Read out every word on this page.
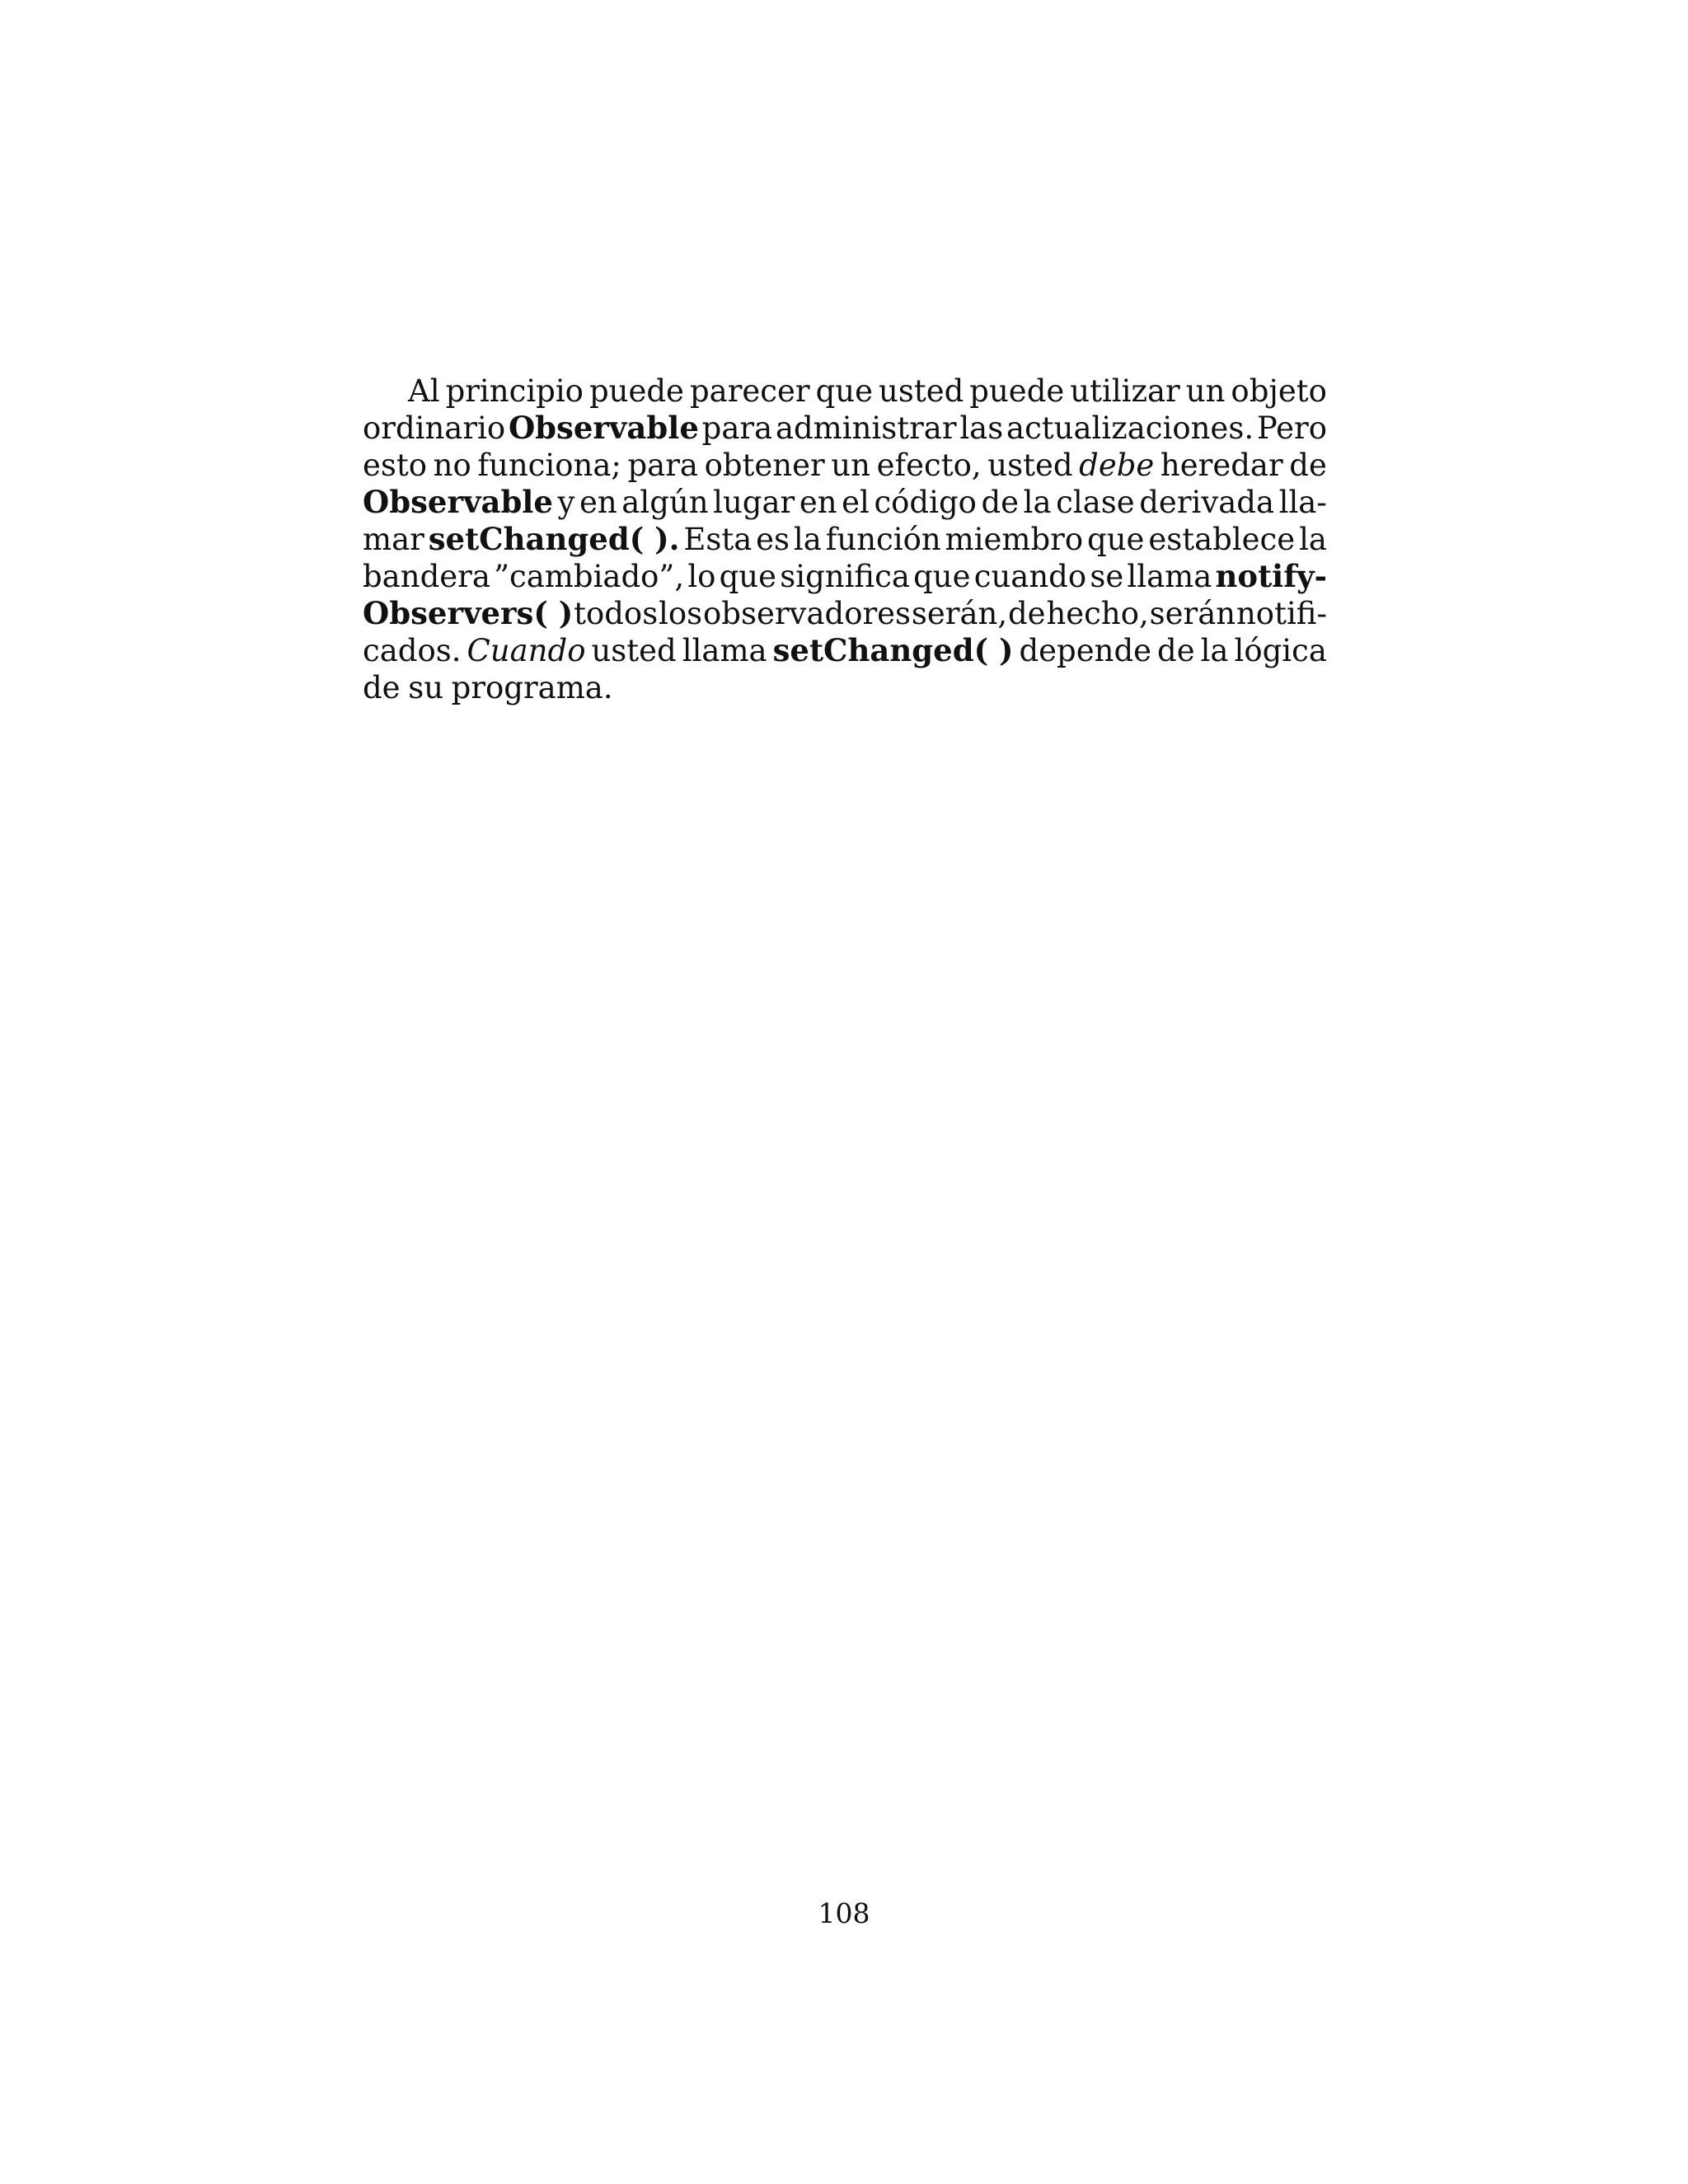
Al principio puede parecer que usted puede utilizar un objeto
ordinario Observable para administrar las actualizaciones. Pero
esto no funciona; para obtener un efecto, usted debe heredar de
Observable y en algún lugar en el código de la clase derivada lla-
mar setChanged( ). Esta es la función miembro que establece la
bandera ”cambiado”, lo que significa que cuando se llama notify-
Observers( ) todos los observadores serán, de hecho, serán notifi-
cados. Cuando usted llama setChanged( ) depende de la lógica
de su programa.
108
